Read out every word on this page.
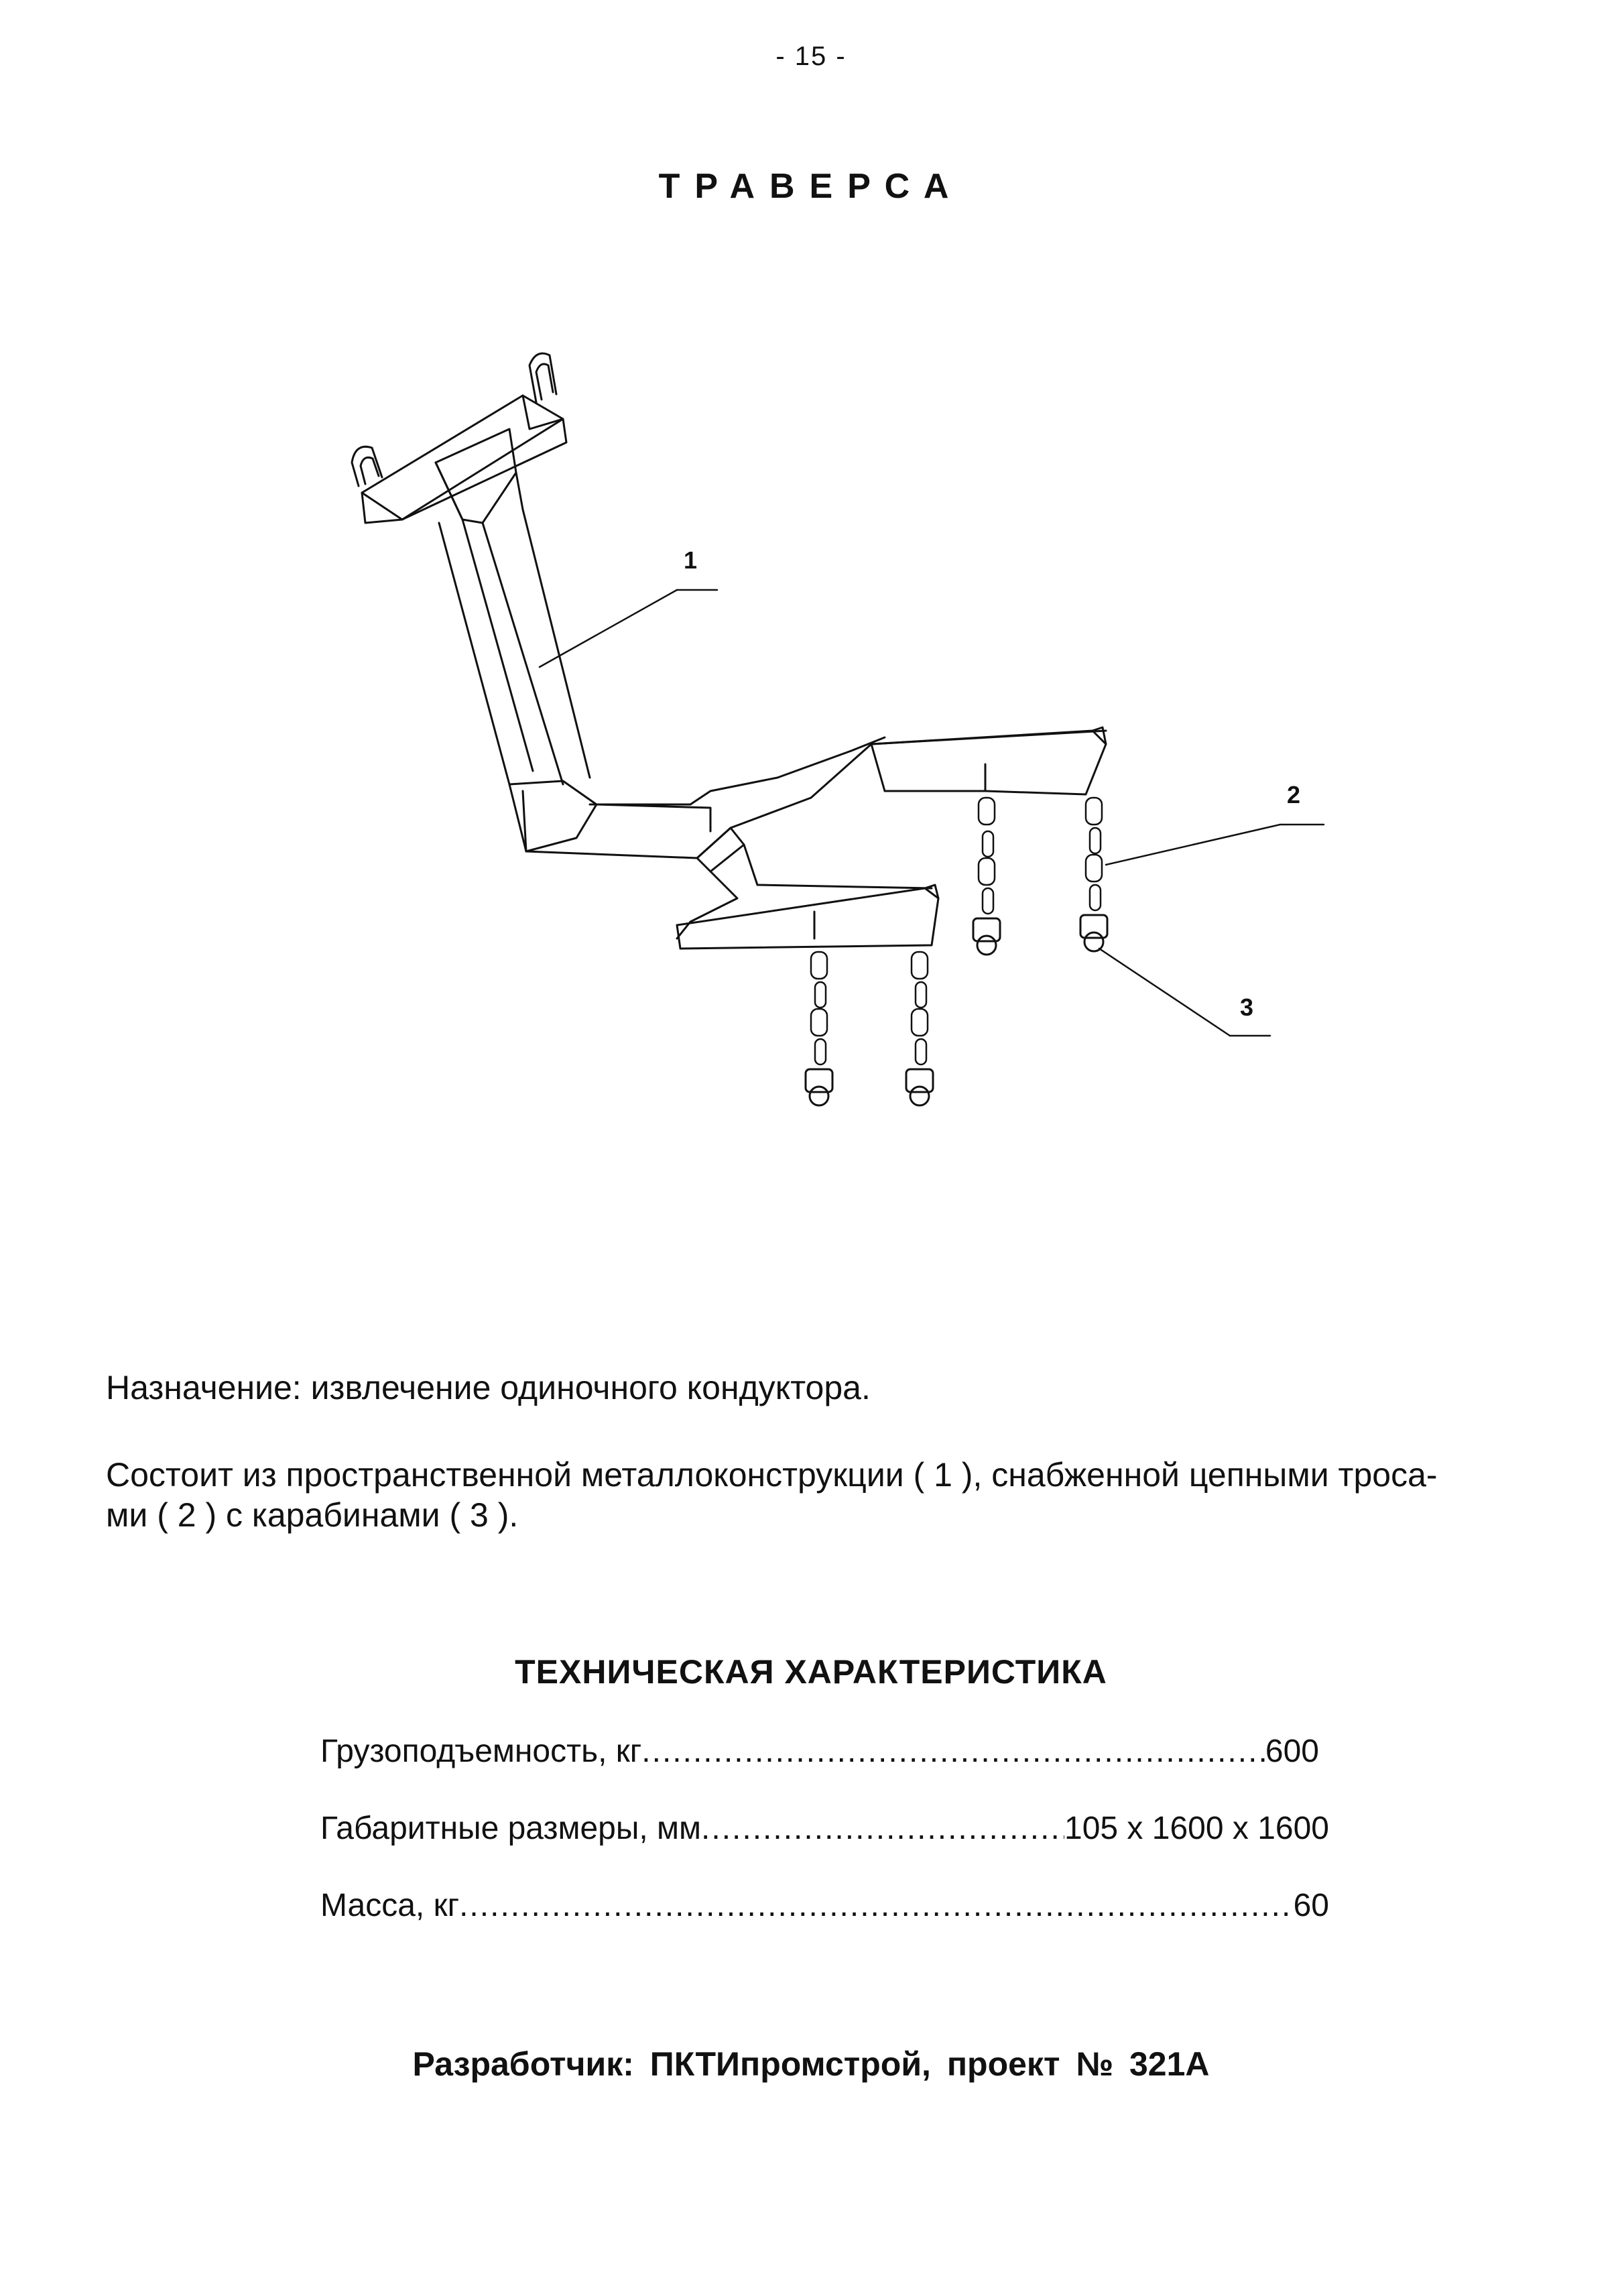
- 15 -
ТРАВЕРСА
1
2
3
Назначение: извлечение одиночного кондуктора.
Состоит из пространственной металлоконструкции ( 1 ), снабженной цепными троса-
ми ( 2 ) с карабинами ( 3 ).
ТЕХНИЧЕСКАЯ ХАРАКТЕРИСТИКА
Грузоподъемность, кг .....	600
Габаритные размеры, мм .....	105 х 1600 х 1600
Масса, кг .....	60
Разработчик: ПКТИпромстрой, проект № 321А
